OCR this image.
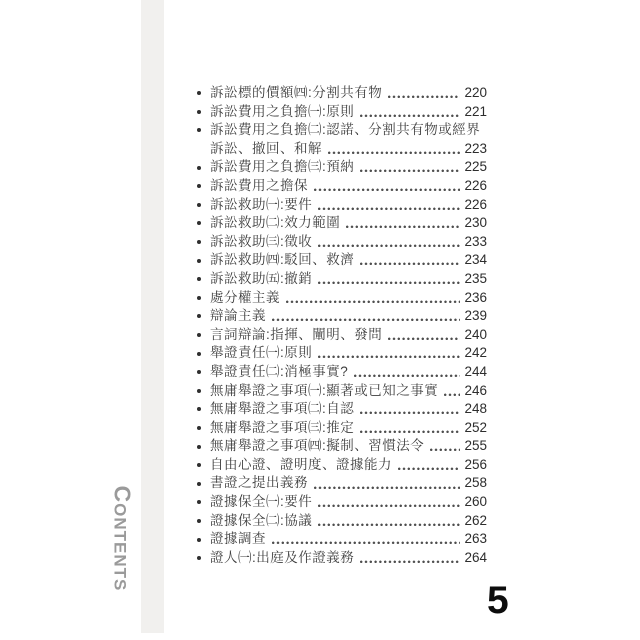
CONTENTS
訴訟標的價額㈣:分割共有物	220
訴訟費用之負擔㈠:原則	221
訴訟費用之負擔㈡:認諾、分割共有物或經界
訴訟、撤回、和解	223
訴訟費用之負擔㈢:預納	225
訴訟費用之擔保	226
訴訟救助㈠:要件	226
訴訟救助㈡:效力範圍	230
訴訟救助㈢:徵收	233
訴訟救助㈣:駁回、救濟	234
訴訟救助㈤:撤銷	235
處分權主義	236
辯論主義	239
言詞辯論:指揮、闡明、發問	240
舉證責任㈠:原則	242
舉證責任㈡:消極事實?	244
無庸舉證之事項㈠:顯著或已知之事實 246
無庸舉證之事項㈡:自認	248
無庸舉證之事項㈢:推定	252
無庸舉證之事項㈣:擬制、習慣法令	255
自由心證、證明度、證據能力	256
書證之提出義務	258
證據保全㈠:要件	260
證據保全㈡:協議	262
證據調查	263
證人㈠:出庭及作證義務	264
5
